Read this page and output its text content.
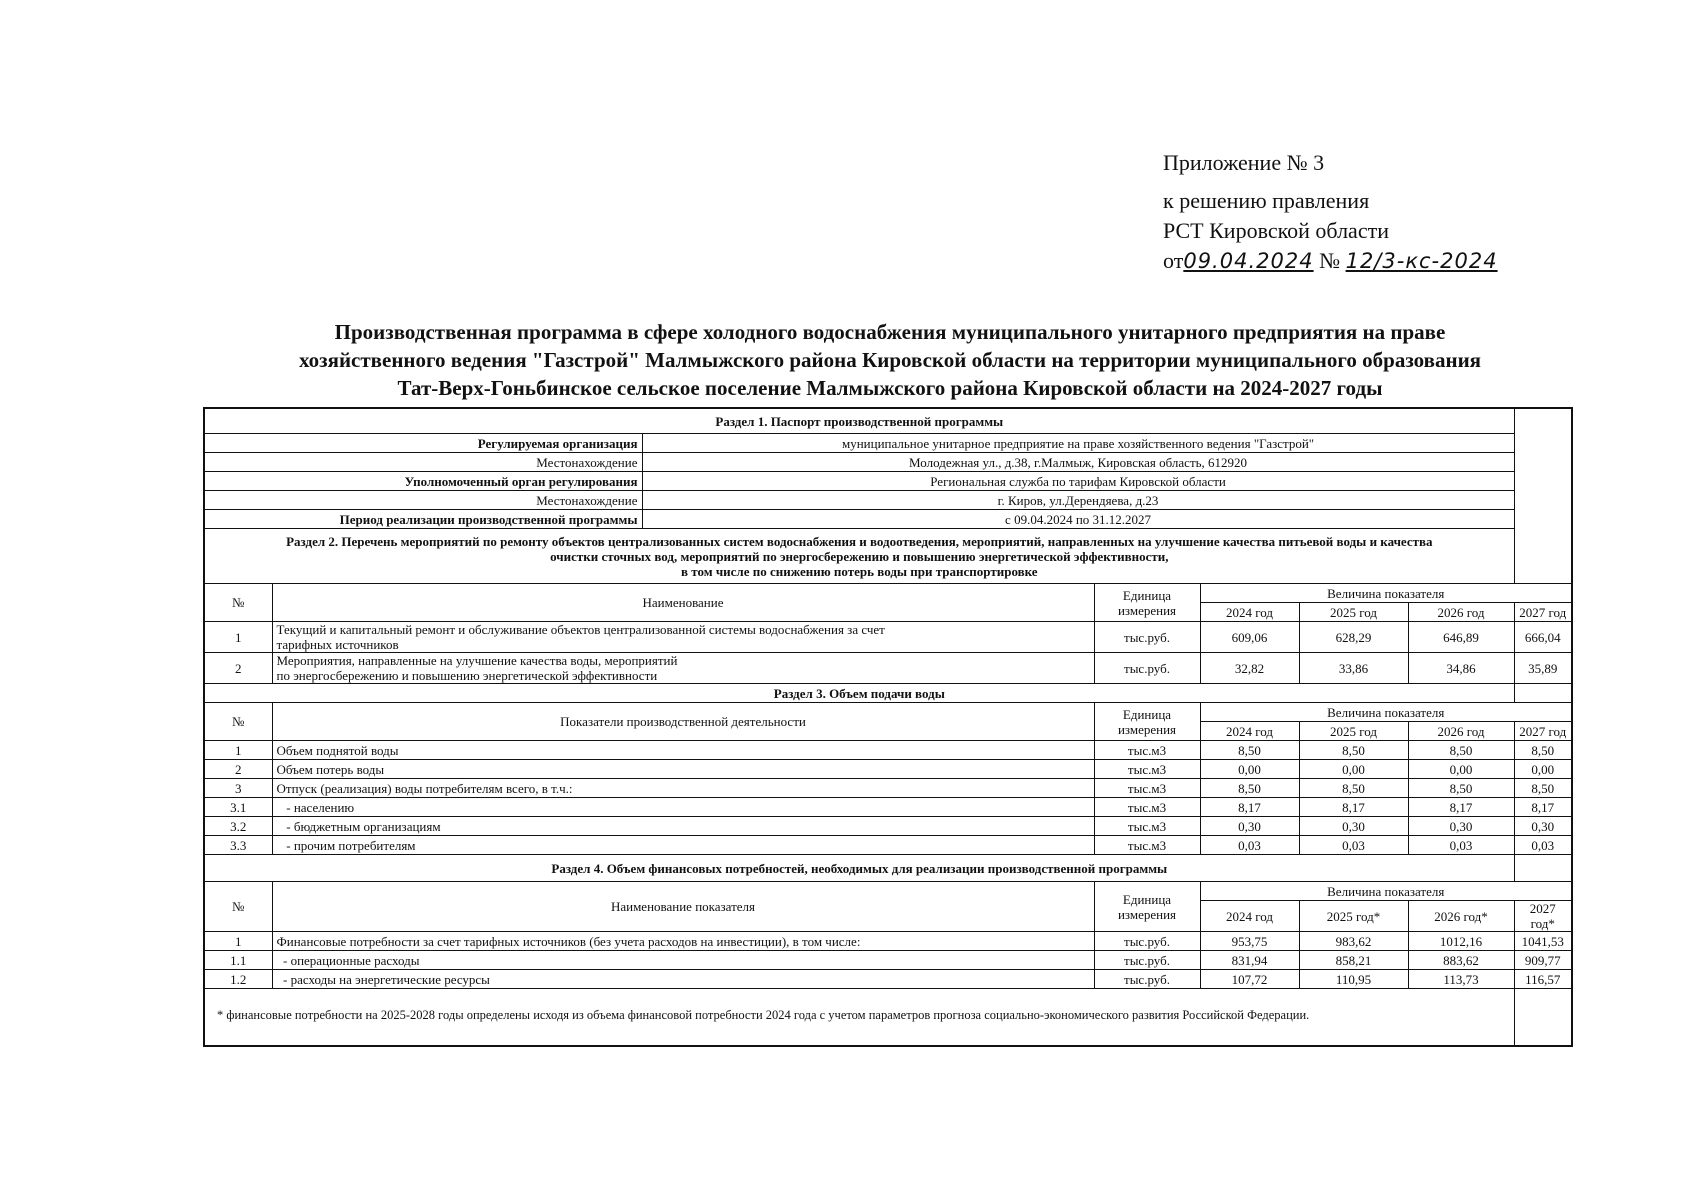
Приложение № 3
к решению правления
РСТ Кировской области
от09.04.2024 № 12/3-кс-2024
Производственная программа в сфере холодного водоснабжения муниципального унитарного предприятия на праве
хозяйственного ведения "Газстрой" Малмыжского района Кировской области на территории муниципального образования
Тат-Верх-Гоньбинское сельское поселение Малмыжского района Кировской области на 2024-2027 годы
Раздел 1. Паспорт производственной программы							
Регулируемая организация		муниципальное унитарное предприятие на праве хозяйственного ведения "Газстрой"					
Местонахождение		Молодежная ул., д.38, г.Малмыж, Кировская область, 612920					
Уполномоченный орган регулирования		Региональная служба по тарифам Кировской области					
Местонахождение		г. Киров, ул.Дерендяева, д.23					
Период реализации производственной программы		с 09.04.2024 по 31.12.2027					

Раздел 2. Перечень мероприятий по ремонту объектов централизованных систем водоснабжения и водоотведения, мероприятий, направленных на улучшение качества питьевой воды и качества
очистки сточных вод, мероприятий по энергосбережению и повышению энергетической эффективности,
в том числе по снижению потерь воды при транспортировке							

№	Наименование		Единица измерения	Величина показателя			
				2024 год	2025 год	2026 год	2027 год
1	Текущий и капитальный ремонт и обслуживание объектов централизованной системы водоснабжения за счет
тарифных источников		тыс.руб.	609,06	628,29	646,89	666,04
2	Мероприятия, направленные на улучшение качества воды, мероприятий
по энергосбережению и повышению энергетической эффективности		тыс.руб.	32,82	33,86	34,86	35,89
Раздел 3. Объем подачи воды							
№	Показатели производственной деятельности		Единица измерения	Величина показателя			
				2024 год	2025 год	2026 год	2027 год
1	Объем поднятой воды		тыс.м3	8,50	8,50	8,50	8,50
2	Объем потерь воды		тыс.м3	0,00	0,00	0,00	0,00
3	Отпуск (реализация) воды потребителям всего, в т.ч.:		тыс.м3	8,50	8,50	8,50	8,50
3.1	- населению		тыс.м3	8,17	8,17	8,17	8,17
3.2	- бюджетным организациям		тыс.м3	0,30	0,30	0,30	0,30
3.3	- прочим потребителям		тыс.м3	0,03	0,03	0,03	0,03
Раздел 4. Объем финансовых потребностей, необходимых для реализации производственной программы							
№	Наименование показателя		Единица измерения	Величина показателя			
				2024 год	2025 год*	2026 год*	2027 год*
1	Финансовые потребности за счет тарифных источников (без учета расходов на инвестиции), в том числе:		тыс.руб.	953,75	983,62	1012,16	1041,53
1.1	- операционные расходы		тыс.руб.	831,94	858,21	883,62	909,77
1.2	- расходы на энергетические ресурсы		тыс.руб.	107,72	110,95	113,73	116,57
* финансовые потребности на 2025-2028 годы определены исходя из объема финансовой потребности 2024 года с учетом параметров прогноза социально-экономического развития Российской Федерации.							
